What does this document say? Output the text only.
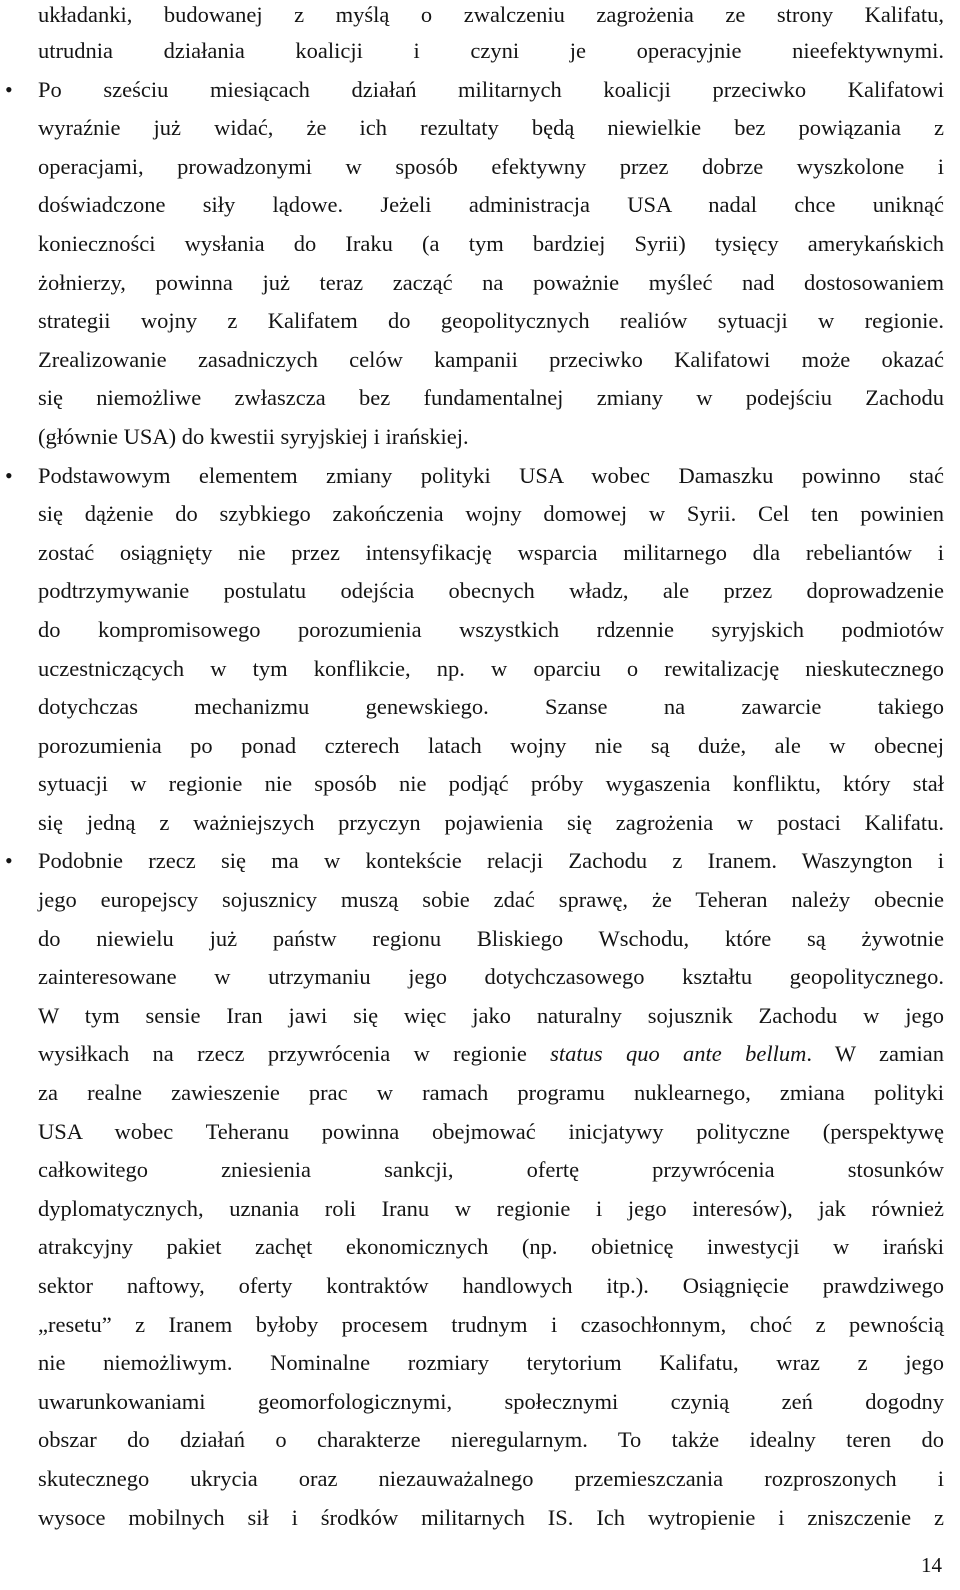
układanki, budowanej z myślą o zwalczeniu zagrożenia ze strony Kalifatu,
utrudnia działania koalicji i czyni je operacyjnie nieefektywnymi.
• Po sześciu miesiącach działań militarnych koalicji przeciwko Kalifatowi
wyraźnie już widać, że ich rezultaty będą niewielkie bez powiązania z
operacjami, prowadzonymi w sposób efektywny przez dobrze wyszkolone i
doświadczone siły lądowe. Jeżeli administracja USA nadal chce uniknąć
konieczności wysłania do Iraku (a tym bardziej Syrii) tysięcy amerykańskich
żołnierzy, powinna już teraz zacząć na poważnie myśleć nad dostosowaniem
strategii wojny z Kalifatem do geopolitycznych realiów sytuacji w regionie.
Zrealizowanie zasadniczych celów kampanii przeciwko Kalifatowi może okazać
się niemożliwe zwłaszcza bez fundamentalnej zmiany w podejściu Zachodu
(głównie USA) do kwestii syryjskiej i irańskiej.
• Podstawowym elementem zmiany polityki USA wobec Damaszku powinno stać
się dążenie do szybkiego zakończenia wojny domowej w Syrii. Cel ten powinien
zostać osiągnięty nie przez intensyfikację wsparcia militarnego dla rebeliantów i
podtrzymywanie postulatu odejścia obecnych władz, ale przez doprowadzenie
do kompromisowego porozumienia wszystkich rdzennie syryjskich podmiotów
uczestniczących w tym konflikcie, np. w oparciu o rewitalizację nieskutecznego
dotychczas mechanizmu genewskiego. Szanse na zawarcie takiego
porozumienia po ponad czterech latach wojny nie są duże, ale w obecnej
sytuacji w regionie nie sposób nie podjąć próby wygaszenia konfliktu, który stał
się jedną z ważniejszych przyczyn pojawienia się zagrożenia w postaci Kalifatu.
• Podobnie rzecz się ma w kontekście relacji Zachodu z Iranem. Waszyngton i
jego europejscy sojusznicy muszą sobie zdać sprawę, że Teheran należy obecnie
do niewielu już państw regionu Bliskiego Wschodu, które są żywotnie
zainteresowane w utrzymaniu jego dotychczasowego kształtu geopolitycznego.
W tym sensie Iran jawi się więc jako naturalny sojusznik Zachodu w jego
wysiłkach na rzecz przywrócenia w regionie status quo ante bellum. W zamian
za realne zawieszenie prac w ramach programu nuklearnego, zmiana polityki
USA wobec Teheranu powinna obejmować inicjatywy polityczne (perspektywę
całkowitego zniesienia sankcji, ofertę przywrócenia stosunków
dyplomatycznych, uznania roli Iranu w regionie i jego interesów), jak również
atrakcyjny pakiet zachęt ekonomicznych (np. obietnicę inwestycji w irański
sektor naftowy, oferty kontraktów handlowych itp.). Osiągnięcie prawdziwego
„resetu” z Iranem byłoby procesem trudnym i czasochłonnym, choć z pewnością
nie niemożliwym. Nominalne rozmiary terytorium Kalifatu, wraz z jego
uwarunkowaniami geomorfologicznymi, społecznymi czynią zeń dogodny
obszar do działań o charakterze nieregularnym. To także idealny teren do
skutecznego ukrycia oraz niezauważalnego przemieszczania rozproszonych i
wysoce mobilnych sił i środków militarnych IS. Ich wytropienie i zniszczenie z
14
